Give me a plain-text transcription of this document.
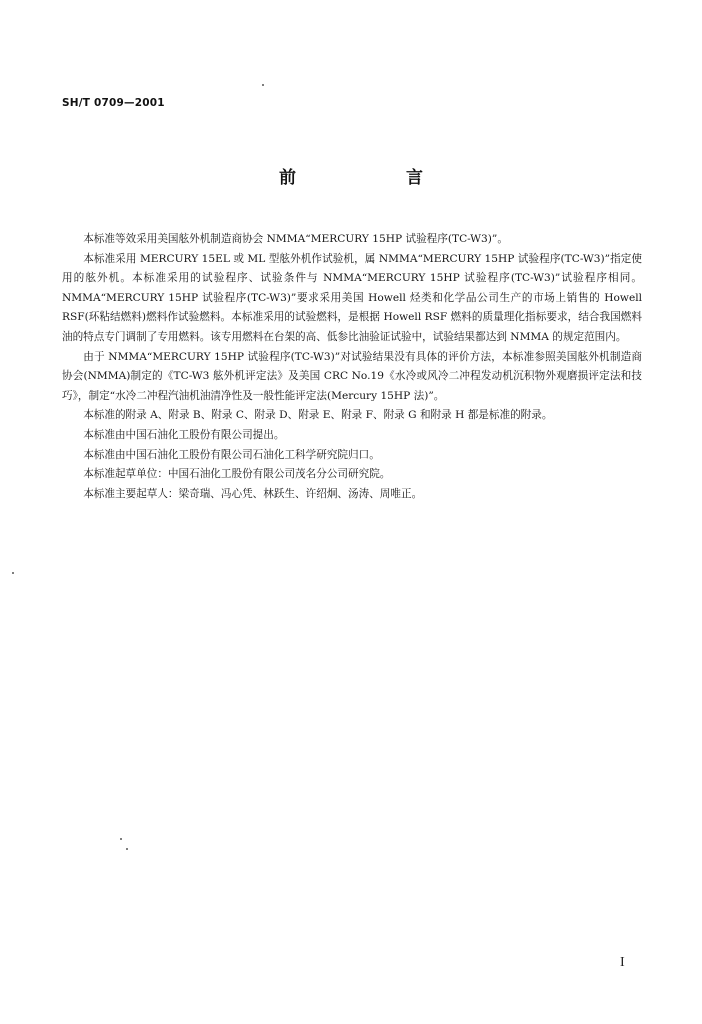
SH/T 0709—2001
前 言

本标准等效采用美国舷外机制造商协会 NMMA“MERCURY 15HP 试验程序(TC-W3)”。

本标准采用 MERCURY 15EL 或 ML 型舷外机作试验机，属 NMMA“MERCURY 15HP 试验程序(TC-W3)”指定使用的舷外机。本标准采用的试验程序、试验条件与 NMMA“MERCURY 15HP 试验程序(TC-W3)”试验程序相同。NMMA“MERCURY 15HP 试验程序(TC-W3)”要求采用美国 Howell 烃类和化学品公司生产的市场上销售的 Howell RSF(环粘结燃料)燃料作试验燃料。本标准采用的试验燃料，是根据 Howell RSF 燃料的质量理化指标要求，结合我国燃料油的特点专门调制了专用燃料。该专用燃料在台架的高、低参比油验证试验中，试验结果都达到 NMMA 的规定范围内。

由于 NMMA“MERCURY 15HP 试验程序(TC-W3)”对试验结果没有具体的评价方法，本标准参照美国舷外机制造商协会(NMMA)制定的《TC-W3 舷外机评定法》及美国 CRC No.19《水冷或风冷二冲程发动机沉积物外观磨损评定法和技巧》，制定“水冷二冲程汽油机油清净性及一般性能评定法(Mercury 15HP 法)”。

本标准的附录 A、附录 B、附录 C、附录 D、附录 E、附录 F、附录 G 和附录 H 都是标准的附录。

本标准由中国石油化工股份有限公司提出。

本标准由中国石油化工股份有限公司石油化工科学研究院归口。

本标准起草单位：中国石油化工股份有限公司茂名分公司研究院。

本标准主要起草人：梁奇瑞、冯心凭、林跃生、许绍炯、汤涛、周唯正。

I
